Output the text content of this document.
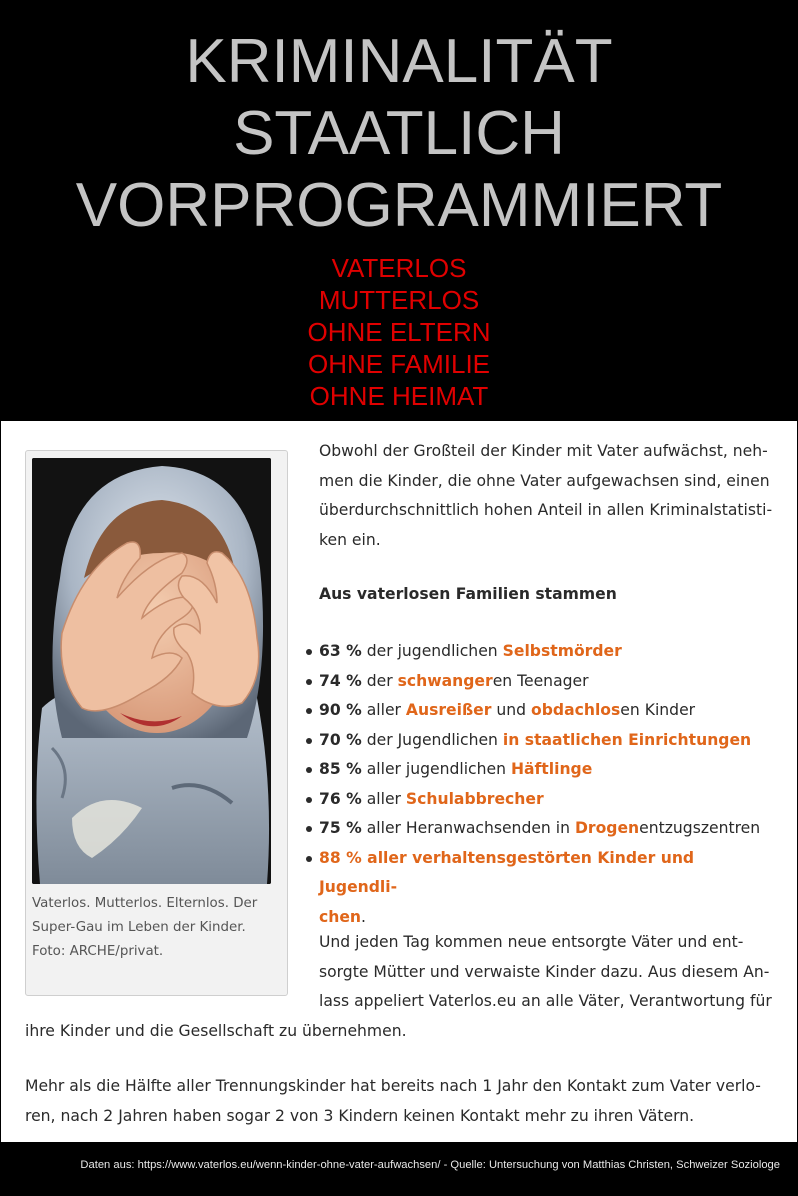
KRIMINALITÄT
STAATLICH
VORPROGRAMMIERT
VATERLOS
MUTTERLOS
OHNE ELTERN
OHNE FAMILIE
OHNE HEIMAT
Vaterlos. Mutterlos. Elternlos. Der Super-Gau im Leben der Kinder. Foto: ARCHE/privat.

Obwohl der Großteil der Kinder mit Vater aufwächst, neh-
men die Kinder, die ohne Vater aufgewachsen sind, einen
überdurchschnittlich hohen Anteil in allen Kriminalstatisti-
ken ein.

Aus vaterlosen Familien stammen

63 % der jugendlichen Selbstmörder
74 % der schwangeren Teenager
90 % aller Ausreißer und obdachlosen Kinder
70 % der Jugendlichen in staatlichen Einrichtungen
85 % aller jugendlichen Häftlinge
76 % aller Schulabbrecher
75 % aller Heranwachsenden in Drogenentzugszentren
88 % aller verhaltensgestörten Kinder und Jugendli-
chen.

Und jeden Tag kommen neue entsorgte Väter und ent-
sorgte Mütter und verwaiste Kinder dazu. Aus diesem An-
lass appeliert Vaterlos.eu an alle Väter, Verantwortung für
ihre Kinder und die Gesellschaft zu übernehmen.

Mehr als die Hälfte aller Trennungskinder hat bereits nach 1 Jahr den Kontakt zum Vater verlo-
ren, nach 2 Jahren haben sogar 2 von 3 Kindern keinen Kontakt mehr zu ihren Vätern.

Daten aus: https://www.vaterlos.eu/wenn-kinder-ohne-vater-aufwachsen/ - Quelle: Untersuchung von Matthias Christen, Schweizer Soziologe
